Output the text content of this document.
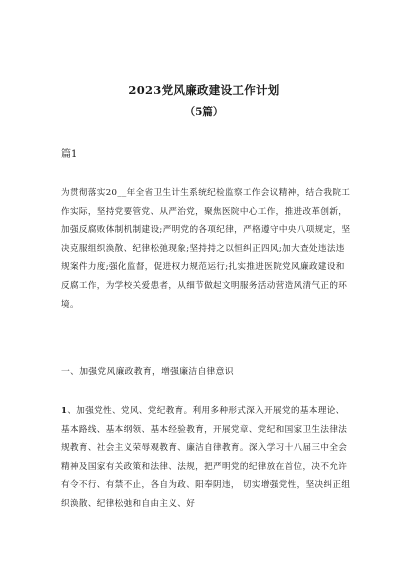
2023党风廉政建设工作计划
（5篇）
篇1

为贯彻落实20__年全省卫生计生系统纪检监察工作会议精神，结合我院工作实际，坚持党要管党、从严治党，聚焦医院中心工作，推进改革创新，加强反腐败体制机制建设;严明党的各项纪律，严格遵守中央八项规定，坚决克服组织涣散、纪律松弛现象;坚持持之以恒纠正四风;加大查处违法违规案件力度;强化监督，促进权力规范运行;扎实推进医院党风廉政建设和反腐工作，为学校关爱患者，从细节做起文明服务活动营造风清气正的环境。

一、加强党风廉政教育，增强廉洁自律意识

1、加强党性、党风、党纪教育。利用多种形式深入开展党的基本理论、基本路线、基本纲领、基本经验教育，开展党章、党纪和国家卫生法律法规教育、社会主义荣辱观教育、廉洁自律教育。深入学习十八届三中全会精神及国家有关政策和法律、法规，把严明党的纪律放在首位，决不允许有令不行、有禁不止，各自为政、阳奉阴违， 切实增强党性，坚决纠正组织涣散、纪律松弛和自由主义、好
